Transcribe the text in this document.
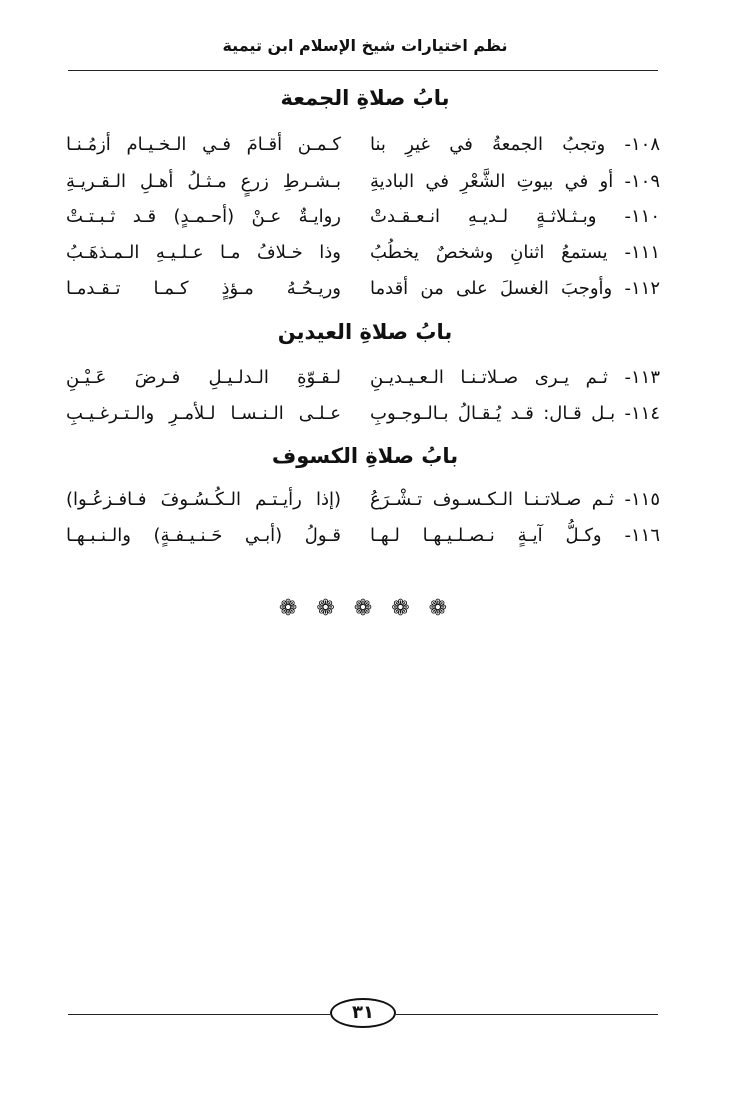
نظم اختيارات شيخ الإسلام ابن تيمية
بابُ صلاةِ الجمعة
١٠٨- وتجبُ الجمعةُ في غيرِ بنا
كـمـن أقـامَ فـي الـخـيـام أزمُـنـا
١٠٩- أو في بيوتِ الشَّعْرِ في الباديةِ
بـشـرطِ زرعٍ مـثـلُ أهـلِ الـقـريـةِ
١١٠- وبـثـلاثـةٍ لـديـهِ انـعـقـدتْ
روايـةٌ عـنْ (أحـمـدٍ) قـد ثـبـتـتْ
١١١- يستمعُ اثنانِ وشخصٌ يخطُبُ
وذا خـلافُ مـا عـلـيـهِ الـمـذهَـبُ
١١٢- وأوجبَ الغسلَ على من أقدما
وريـحُـهُ مـؤذٍ كـمـا تـقـدمـا
بابُ صلاةِ العيدين
١١٣- ثـم يـرى صـلاتـنـا الـعـيـديـنِ
لـقـوّةِ الـدلـيـلِ فـرضَ عَـيْـنِ
١١٤- بـل قـال: قـد يُـقـالُ بـالـوجـوبِ
عـلـى الـنـسـا لـلأمـرِ والـتـرغـيـبِ
بابُ صلاةِ الكسوف
١١٥- ثـم صـلاتـنـا الـكـسـوف تـشْـرَعُ
(إذا رأيـتـم الـكُـسُـوفَ فـافـزعُـوا)
١١٦- وكـلُّ آيـةٍ نـصـلـيـهـا لـهـا
قـولُ (أبـي حَـنـيـفـةٍ) والـنـبـهـا
❁ ❁ ❁ ❁ ❁
٣١
